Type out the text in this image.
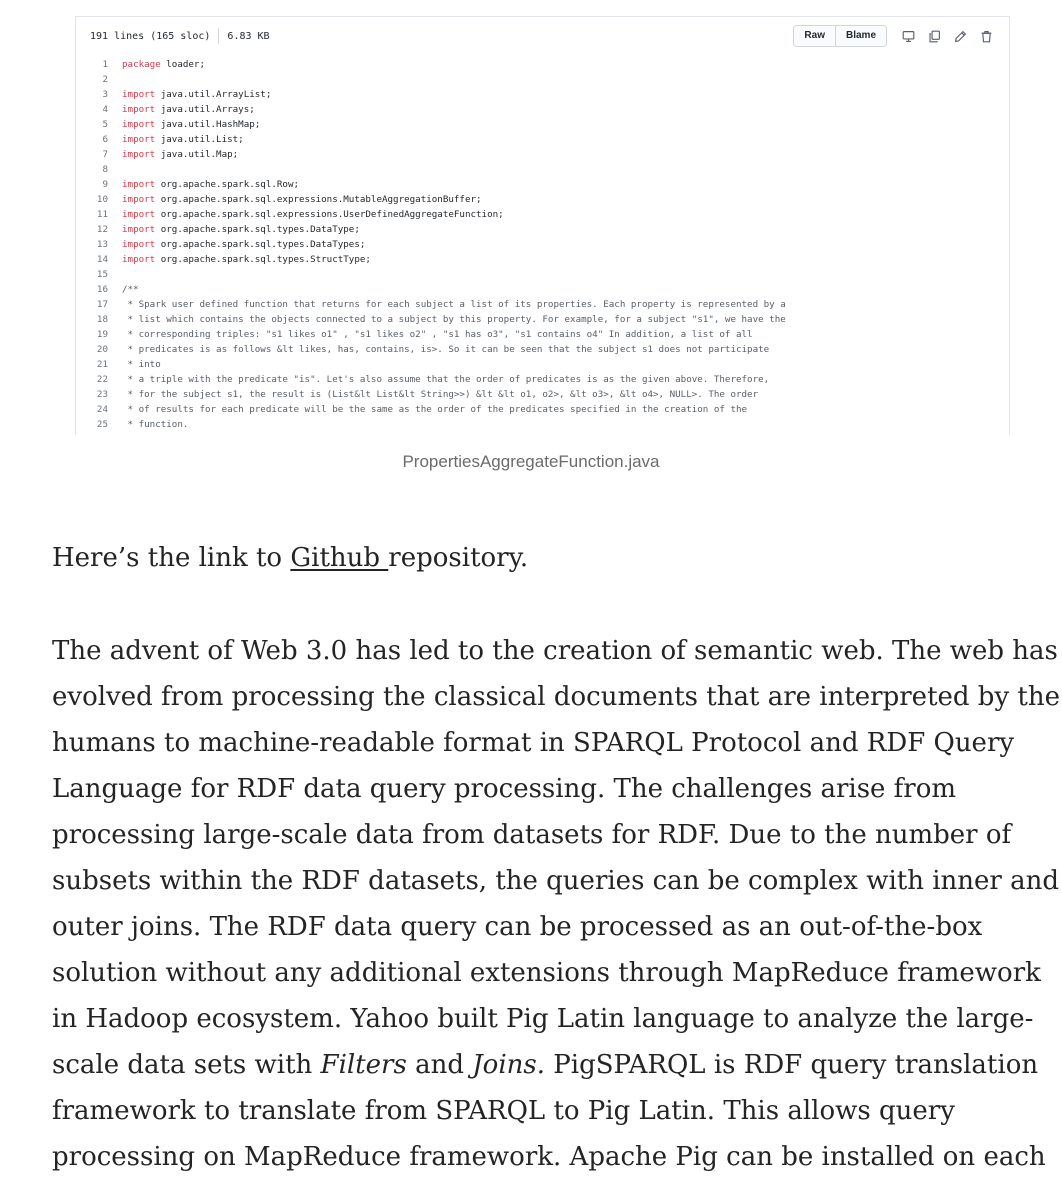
191 lines (165 sloc) 6.83 KB	Raw	Blame
1	package loader;
2
3	import java.util.ArrayList;
4	import java.util.Arrays;
5	import java.util.HashMap;
6	import java.util.List;
7	import java.util.Map;
8
9	import org.apache.spark.sql.Row;
10	import org.apache.spark.sql.expressions.MutableAggregationBuffer;
11	import org.apache.spark.sql.expressions.UserDefinedAggregateFunction;
12	import org.apache.spark.sql.types.DataType;
13	import org.apache.spark.sql.types.DataTypes;
14	import org.apache.spark.sql.types.StructType;
15
16	/**
17	* Spark user defined function that returns for each subject a list of its properties. Each property is represented by a
18	* list which contains the objects connected to a subject by this property. For example, for a subject "s1", we have the
19	* corresponding triples: "s1 likes o1" , "s1 likes o2" , "s1 has o3", "s1 contains o4" In addition, a list of all
20	* predicates is as follows &lt likes, has, contains, is>. So it can be seen that the subject s1 does not participate
21	* into
22	* a triple with the predicate "is". Let's also assume that the order of predicates is as the given above. Therefore,
23	* for the subject s1, the result is (List&lt List&lt String>>) &lt &lt o1, o2>, &lt o3>, &lt o4>, NULL>. The order
24	* of results for each predicate will be the same as the order of the predicates specified in the creation of the
25	* function.
PropertiesAggregateFunction.java

Here’s the link to Github repository.

The advent of Web 3.0 has led to the creation of semantic web. The web has
evolved from processing the classical documents that are interpreted by the
humans to machine-readable format in SPARQL Protocol and RDF Query
Language for RDF data query processing. The challenges arise from
processing large-scale data from datasets for RDF. Due to the number of
subsets within the RDF datasets, the queries can be complex with inner and
outer joins. The RDF data query can be processed as an out-of-the-box
solution without any additional extensions through MapReduce framework
in Hadoop ecosystem. Yahoo built Pig Latin language to analyze the large-
scale data sets with Filters and Joins. PigSPARQL is RDF query translation
framework to translate from SPARQL to Pig Latin. This allows query
processing on MapReduce framework. Apache Pig can be installed on each
